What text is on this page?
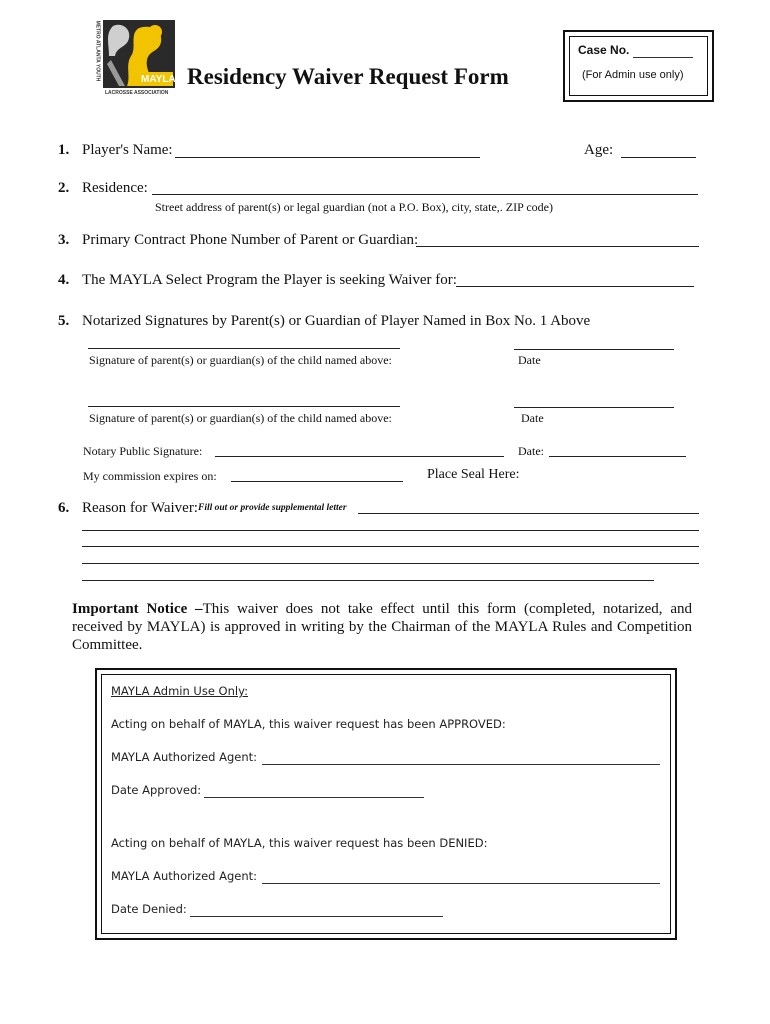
METRO ATLANTA YOUTH	MAYLA
LACROSSE ASSOCIATION
Residency Waiver Request Form
Case No.
(For Admin use only)
1. Player's Name:	Age:
2. Residence:
Street address of parent(s) or legal guardian (not a P.O. Box), city, state,. ZIP code)
3. Primary Contract Phone Number of Parent or Guardian:
4. The MAYLA Select Program the Player is seeking Waiver for:
5. Notarized Signatures by Parent(s) or Guardian of Player Named in Box No. 1 Above
Signature of parent(s) or guardian(s) of the child named above:	Date
Signature of parent(s) or guardian(s) of the child named above:	Date
Notary Public Signature:	Date:
My commission expires on:	Place Seal Here:
6. Reason for Waiver: Fill out or provide supplemental letter
Important Notice –This waiver does not take effect until this form (completed, notarized, and received by MAYLA) is approved in writing by the Chairman of the MAYLA Rules and Competition Committee.
MAYLA Admin Use Only:
Acting on behalf of MAYLA, this waiver request has been APPROVED:
MAYLA Authorized Agent:
Date Approved:
Acting on behalf of MAYLA, this waiver request has been DENIED:
MAYLA Authorized Agent:
Date Denied:
